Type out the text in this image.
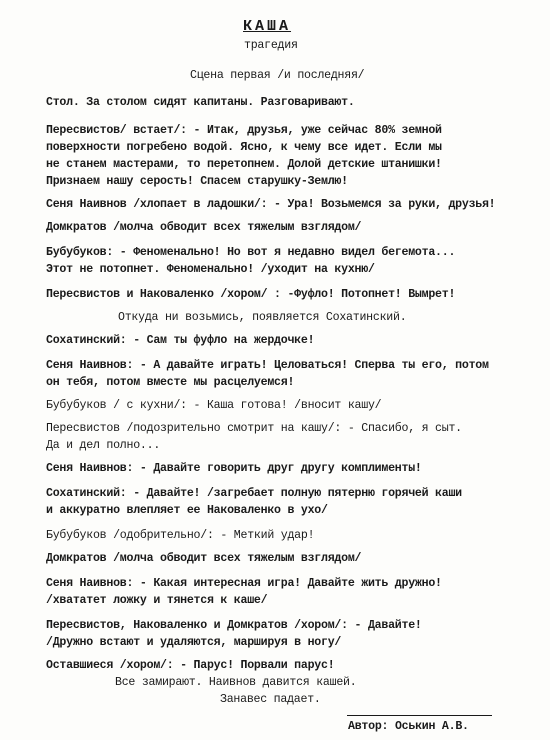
КАША
трагедия
Сцена первая /и последняя/
Стол. За столом сидят капитаны. Разговаривают.
Пересвистов/ встает/: - Итак, друзья, уже сейчас 80% земной
поверхности погребено водой. Ясно, к чему все идет. Если мы
не станем мастерами, то перетопнем. Долой детские штанишки!
Признаем нашу серость! Спасем старушку-Землю!
Сеня Наивнов /хлопает в ладошки/: - Ура! Возьмемся за руки, друзья!
Домкратов /молча обводит всех тяжелым взглядом/
Бубубуков: - Феноменально! Но вот я недавно видел бегемота...
Этот не потопнет. Феноменально! /уходит на кухню/
Пересвистов и Наковаленко /хором/ : -Фуфло! Потопнет! Вымрет!
Откуда ни возьмись, появляется Сохатинский.
Сохатинский: - Сам ты фуфло на жердочке!
Сеня Наивнов: - А давайте играть! Целоваться! Сперва ты его, потом
он тебя, потом вместе мы расцелуемся!
Бубубуков / с кухни/: - Каша готова! /вносит кашу/
Пересвистов /подозрительно смотрит на кашу/: - Спасибо, я сыт.
Да и дел полно...
Сеня Наивнов: - Давайте говорить друг другу комплименты!
Сохатинский: - Давайте! /загребает полную пятерню горячей каши
и аккуратно влепляет ее Наковаленко в ухо/
Бубубуков /одобрительно/: - Меткий удар!
Домкратов /молча обводит всех тяжелым взглядом/
Сеня Наивнов: - Какая интересная игра! Давайте жить дружно!
/хвататет ложку и тянется к каше/
Пересвистов, Наковаленко и Домкратов /хором/: - Давайте!
/Дружно встают и удаляются, маршируя в ногу/
Оставшиеся /хором/: - Парус! Порвали парус!
Все замирают. Наивнов давится кашей.
Занавес падает.
Автор: Оськин А.В.
